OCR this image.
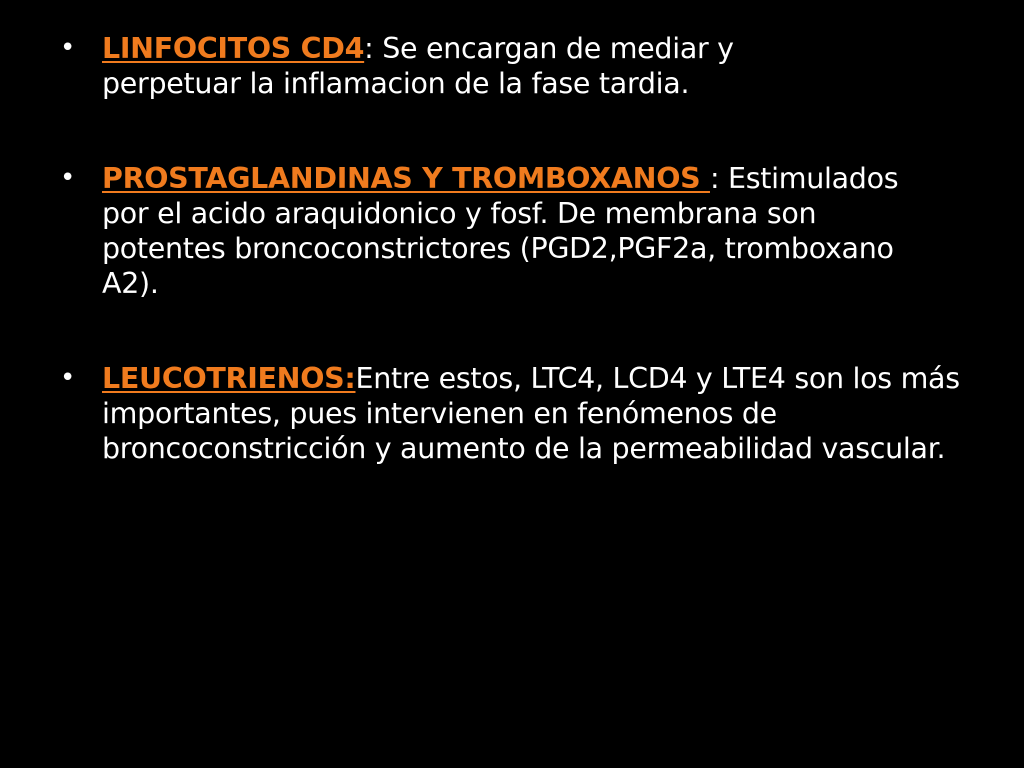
• LINFOCITOS CD4: Se encargan de mediar y perpetuar la inflamacion de la fase tardia.
• PROSTAGLANDINAS Y TROMBOXANOS : Estimulados por el acido araquidonico y fosf. De membrana son potentes broncoconstrictores (PGD2,PGF2a, tromboxano A2).
• LEUCOTRIENOS:Entre estos, LTC4, LCD4 y LTE4 son los más importantes, pues intervienen en fenómenos de broncoconstricción y aumento de la permeabilidad vascular.
